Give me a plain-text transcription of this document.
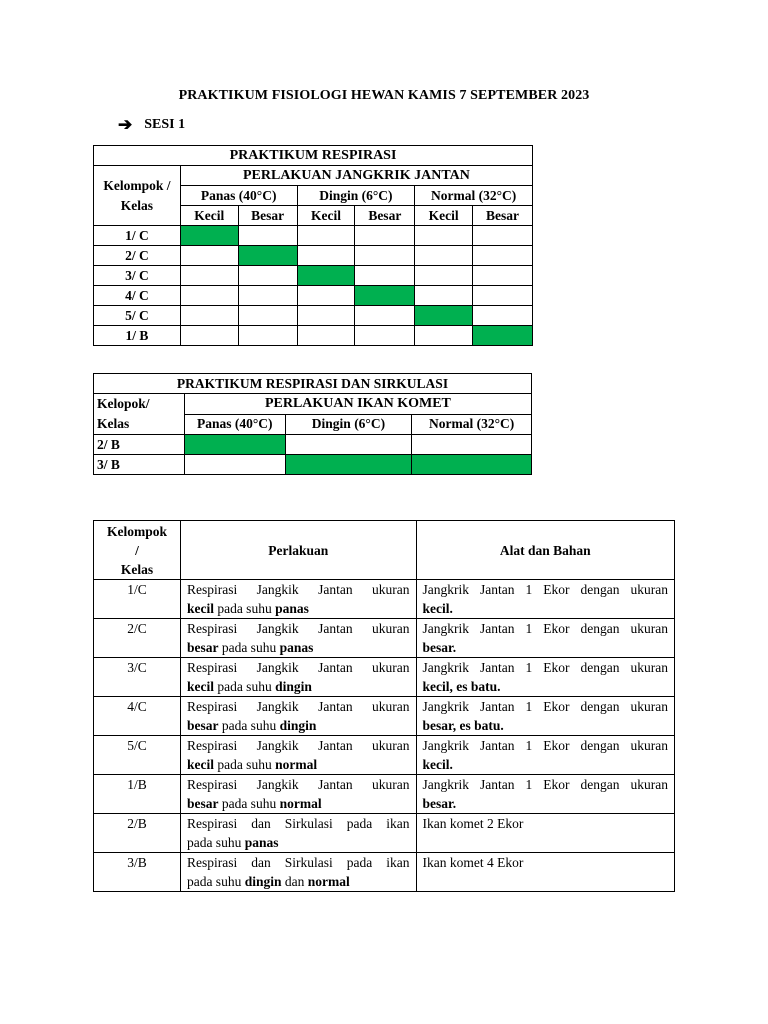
PRAKTIKUM FISIOLOGI HEWAN KAMIS 7 SEPTEMBER 2023
➔ SESI 1
PRAKTIKUM RESPIRASI						
Kelompok / Kelas	PERLAKUAN JANGKRIK JANTAN					
	Panas (40°C)		Dingin (6°C)		Normal (32°C)	
	Kecil	Besar	Kecil	Besar	Kecil	Besar
1/ C						
2/ C						
3/ C						
4/ C						
5/ C						
1/ B						
PRAKTIKUM RESPIRASI DAN SIRKULASI			
Kelopok/
Kelas	PERLAKUAN IKAN KOMET		
	Panas (40°C)	Dingin (6°C)	Normal (32°C)
2/ B			
3/ B			
Kelompok
/
Kelas	Perlakuan	Alat dan Bahan
1/C	Respirasi Jangkik Jantan ukuran
kecil pada suhu panas	Jangkrik Jantan 1 Ekor dengan ukuran
kecil.
2/C	Respirasi Jangkik Jantan ukuran
besar pada suhu panas	Jangkrik Jantan 1 Ekor dengan ukuran
besar.
3/C	Respirasi Jangkik Jantan ukuran
kecil pada suhu dingin	Jangkrik Jantan 1 Ekor dengan ukuran
kecil, es batu.
4/C	Respirasi Jangkik Jantan ukuran
besar pada suhu dingin	Jangkrik Jantan 1 Ekor dengan ukuran
besar, es batu.
5/C	Respirasi Jangkik Jantan ukuran
kecil pada suhu normal	Jangkrik Jantan 1 Ekor dengan ukuran
kecil.
1/B	Respirasi Jangkik Jantan ukuran
besar pada suhu normal	Jangkrik Jantan 1 Ekor dengan ukuran
besar.
2/B	Respirasi dan Sirkulasi pada ikan
pada suhu panas	Ikan komet 2 Ekor
3/B	Respirasi dan Sirkulasi pada ikan
pada suhu dingin dan normal	Ikan komet 4 Ekor
